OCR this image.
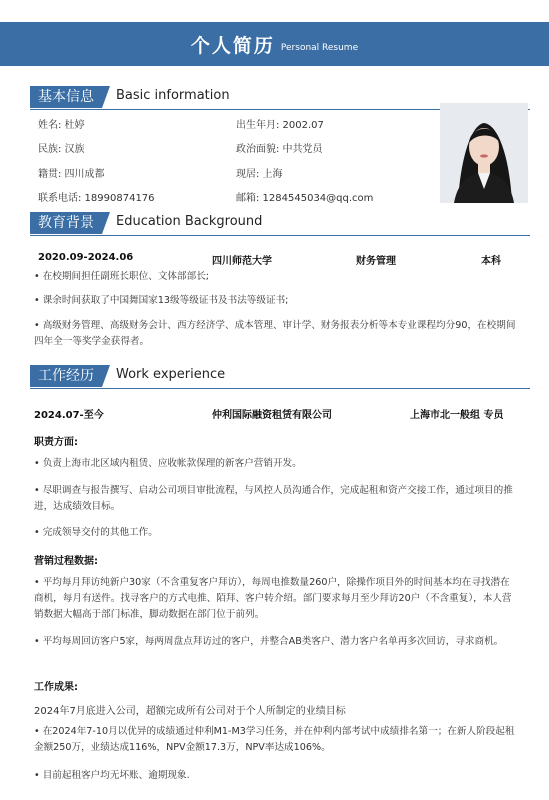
个人简历 Personal Resume
基本信息	Basic information
姓名: 杜婷	出生年月: 2002.07
民族: 汉族	政治面貌: 中共党员
籍贯: 四川成都	现居: 上海
联系电话: 18990874176	邮箱: 1284545034@qq.com
教育背景	Education Background
2020.09-2024.06	四川师范大学	财务管理	本科
• 在校期间担任副班长职位、文体部部长;
• 课余时间获取了中国舞国家13级等级证书及书法等级证书;
• 高级财务管理、高级财务会计、西方经济学、成本管理、审计学、财务报表分析等本专业课程均分90，在校期间四年全一等奖学金获得者。
工作经历	Work experience
2024.07-至今	仲利国际融资租赁有限公司	上海市北一般组 专员
职责方面:
• 负责上海市北区域内租赁、应收帐款保理的新客户营销开发。
• 尽职调查与报告撰写、启动公司项目审批流程，与风控人员沟通合作，完成起租和资产交接工作，通过项目的推进，达成绩效目标。
• 完成领导交付的其他工作。
营销过程数据:
• 平均每月拜访纯新户30家（不含重复客户拜访），每周电推数量260户，除操作项目外的时间基本均在寻找潜在商机，每月有送件。找寻客户的方式电推、陌拜、客户转介绍。部门要求每月至少拜访20户（不含重复），本人营销数据大幅高于部门标准，脚动数据在部门位于前列。
• 平均每周回访客户5家，每两周盘点拜访过的客户，并整合AB类客户、潜力客户名单再多次回访，寻求商机。
工作成果:
2024年7月底进入公司，超额完成所有公司对于个人所制定的业绩目标
• 在2024年7-10月以优异的成绩通过仲利M1-M3学习任务，并在仲利内部考试中成绩排名第一；在新人阶段起租金额250万，业绩达成116%，NPV金额17.3万，NPV率达成106%。
• 目前起租客户均无坏账、逾期现象.
